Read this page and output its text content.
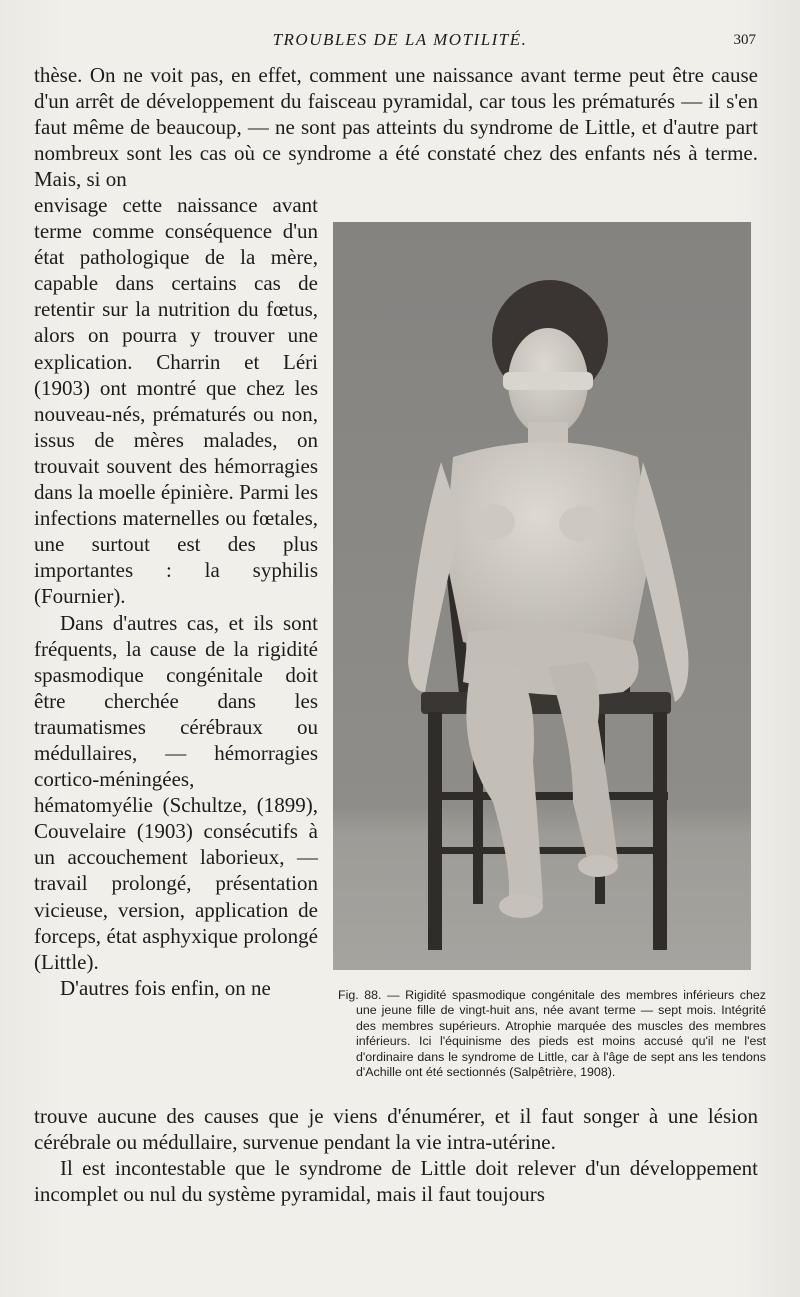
TROUBLES DE LA MOTILITÉ.	307

thèse. On ne voit pas, en effet, comment une naissance avant terme peut être cause d'un arrêt de développement du faisceau pyramidal, car tous les prématurés — il s'en faut même de beaucoup, — ne sont pas atteints du syndrome de Little, et d'autre part nombreux sont les cas où ce syndrome a été constaté chez des enfants nés à terme. Mais, si on

envisage cette naissance avant terme comme conséquence d'un état pathologique de la mère, capable dans certains cas de retentir sur la nutrition du fœtus, alors on pourra y trouver une explication. Charrin et Léri (1903) ont montré que chez les nouveau-nés, prématurés ou non, issus de mères malades, on trouvait souvent des hémorragies dans la moelle épinière. Parmi les infections maternelles ou fœtales, une surtout est des plus importantes : la syphilis (Fournier).

Dans d'autres cas, et ils sont fréquents, la cause de la rigidité spasmodique congénitale doit être cherchée dans les traumatismes cérébraux ou médullaires, — hémorragies cortico-méningées, hématomyélie (Schultze, (1899), Couvelaire (1903) consécutifs à un accouchement laborieux, — travail prolongé, présentation vicieuse, version, application de forceps, état asphyxique prolongé (Little).

D'autres fois enfin, on ne	Fig. 88. — Rigidité spasmodique congénitale des membres inférieurs chez une jeune fille de vingt-huit ans, née avant terme — sept mois. Intégrité des membres supérieurs. Atrophie marquée des muscles des membres inférieurs. Ici l'équinisme des pieds est moins accusé qu'il ne l'est d'ordinaire dans le syndrome de Little, car à l'âge de sept ans les tendons d'Achille ont été sectionnés (Salpêtrière, 1908).

trouve aucune des causes que je viens d'énumérer, et il faut songer à une lésion cérébrale ou médullaire, survenue pendant la vie intra-utérine.

Il est incontestable que le syndrome de Little doit relever d'un développement incomplet ou nul du système pyramidal, mais il faut toujours
